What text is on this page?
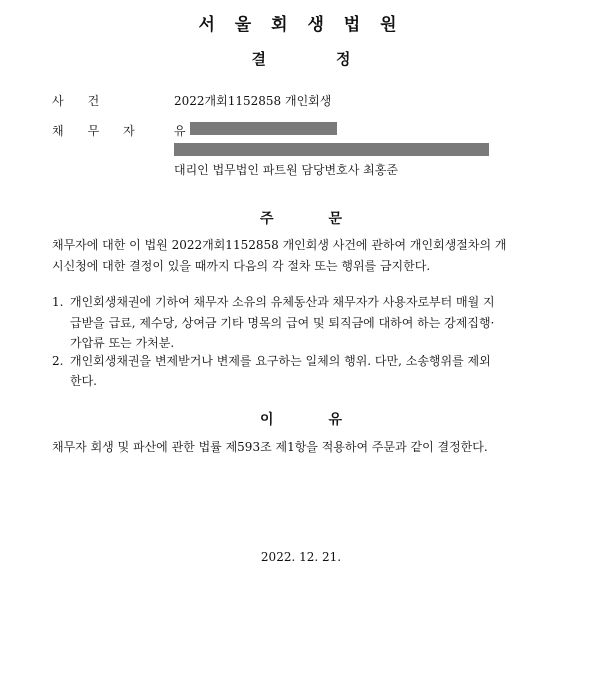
서 울 회 생 법 원
결정
사건	2022개회1152858 개인회생
채무자 유
대리인 법무법인 파트원 담당변호사 최홍준
주문
채무자에 대한 이 법원 2022개회1152858 개인회생 사건에 관하여 개인회생절차의 개
시신청에 대한 결정이 있을 때까지 다음의 각 절차 또는 행위를 금지한다.
1. 개인회생채권에 기하여 채무자 소유의 유체동산과 채무자가 사용자로부터 매월 지
급받을 급료, 제수당, 상여금 기타 명목의 급여 및 퇴직금에 대하여 하는 강제집행·
가압류 또는 가처분.
2. 개인회생채권을 변제받거나 변제를 요구하는 일체의 행위. 다만, 소송행위를 제외
한다.
이유
채무자 회생 및 파산에 관한 법률 제593조 제1항을 적용하여 주문과 같이 결정한다.
2022. 12. 21.
